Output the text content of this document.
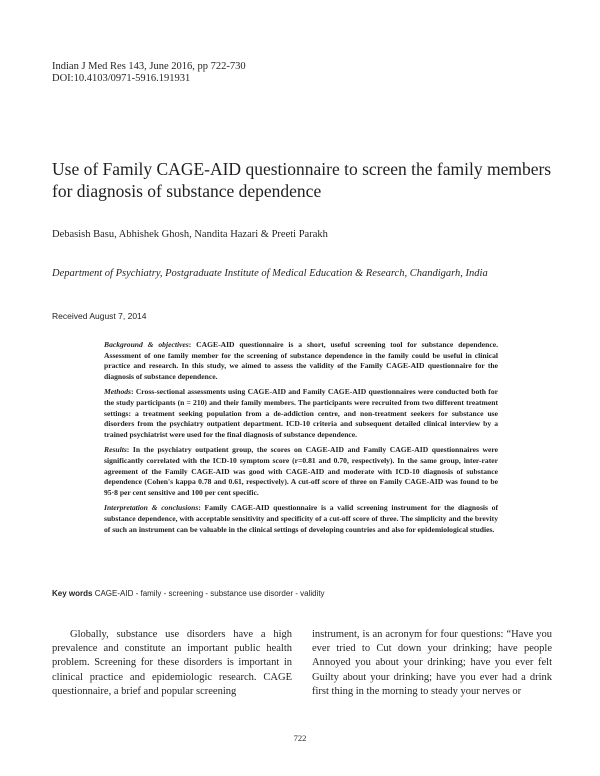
Indian J Med Res 143, June 2016, pp 722-730
DOI:10.4103/0971-5916.191931
Use of Family CAGE-AID questionnaire to screen the family members for diagnosis of substance dependence
Debasish Basu, Abhishek Ghosh, Nandita Hazari & Preeti Parakh
Department of Psychiatry, Postgraduate Institute of Medical Education & Research, Chandigarh, India
Received August 7, 2014

Background & objectives: CAGE-AID questionnaire is a short, useful screening tool for substance dependence. Assessment of one family member for the screening of substance dependence in the family could be useful in clinical practice and research. In this study, we aimed to assess the validity of the Family CAGE-AID questionnaire for the diagnosis of substance dependence.

Methods: Cross-sectional assessments using CAGE-AID and Family CAGE-AID questionnaires were conducted both for the study participants (n = 210) and their family members. The participants were recruited from two different treatment settings: a treatment seeking population from a de-addiction centre, and non-treatment seekers for substance use disorders from the psychiatry outpatient department. ICD-10 criteria and subsequent detailed clinical interview by a trained psychiatrist were used for the final diagnosis of substance dependence.

Results: In the psychiatry outpatient group, the scores on CAGE-AID and Family CAGE-AID questionnaires were significantly correlated with the ICD-10 symptom score (r=0.81 and 0.70, respectively). In the same group, inter-rater agreement of the Family CAGE-AID was good with CAGE-AID and moderate with ICD-10 diagnosis of substance dependence (Cohen's kappa 0.78 and 0.61, respectively). A cut-off score of three on Family CAGE-AID was found to be 95·8 per cent sensitive and 100 per cent specific.

Interpretation & conclusions: Family CAGE-AID questionnaire is a valid screening instrument for the diagnosis of substance dependence, with acceptable sensitivity and specificity of a cut-off score of three. The simplicity and the brevity of such an instrument can be valuable in the clinical settings of developing countries and also for epidemiological studies.

Key words CAGE-AID - family - screening - substance use disorder - validity
Globally, substance use disorders have a high prevalence and constitute an important public health problem. Screening for these disorders is important in clinical practice and epidemiologic research. CAGE questionnaire, a brief and popular screening
instrument, is an acronym for four questions: “Have you ever tried to Cut down your drinking; have people Annoyed you about your drinking; have you ever felt Guilty about your drinking; have you ever had a drink first thing in the morning to steady your nerves or
722
